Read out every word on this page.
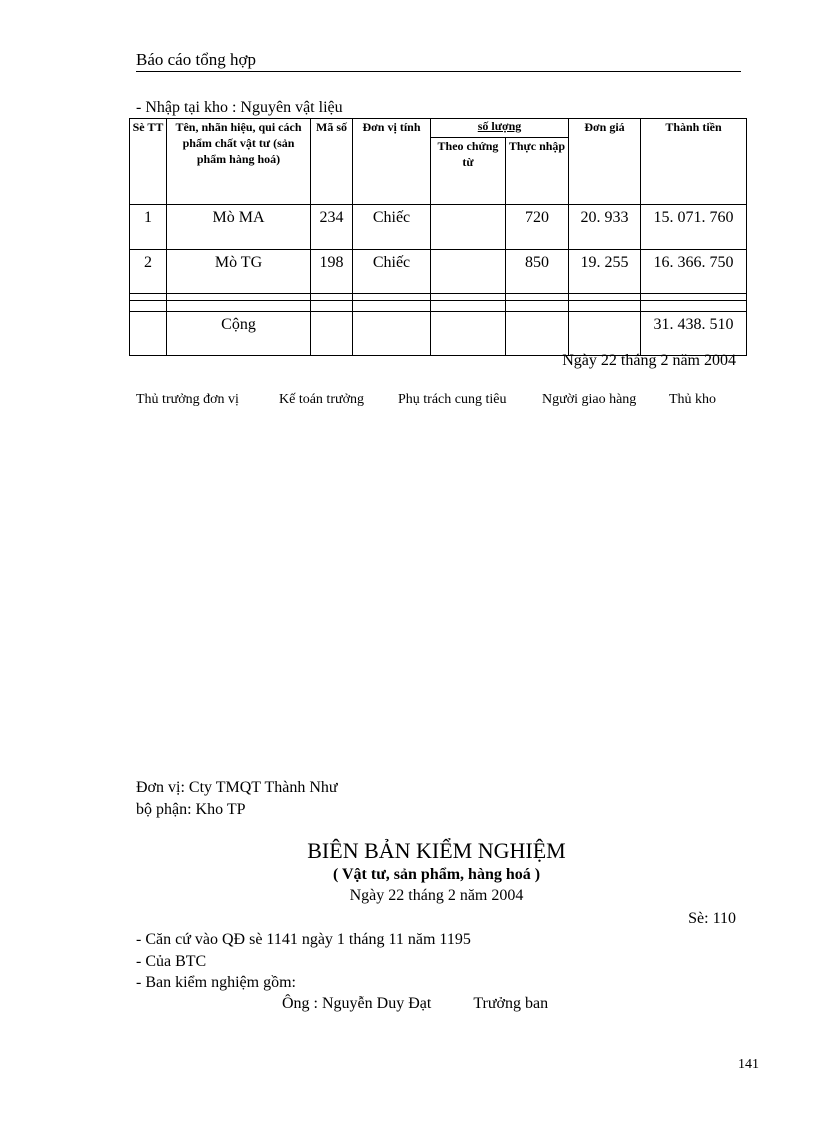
Báo cáo tổng hợp
- Nhập tại kho : Nguyên vật liệu
Sè TT	Tên, nhãn hiệu, qui cách phẩm chất vật tư (sản phẩm hàng hoá)	Mã số	Đơn vị tính	số lượng		Đơn giá	Thành tiền
				Theo chứng từ	Thực nhập		
1	Mò MA	234	Chiếc		720	20. 933	15. 071. 760
2	Mò TG	198	Chiếc		850	19. 255	16. 366. 750

	Cộng						31. 438. 510
Ngày 22 tháng 2 năm 2004
Thủ trưởng đơn vị	Kế toán trưởng	Phụ trách cung tiêu	Người giao hàng	Thủ kho
Đơn vị: Cty TMQT Thành Như
bộ phận: Kho TP
BIÊN BẢN KIỂM NGHIỆM
( Vật tư, sản phẩm, hàng hoá )
Ngày 22 tháng 2 năm 2004
Sè: 110
- Căn cứ vào QĐ sè 1141 ngày 1 tháng 11 năm 1195
- Của BTC
- Ban kiểm nghiệm gồm:
Ông : Nguyễn Duy Đạt	Trưởng ban
141
